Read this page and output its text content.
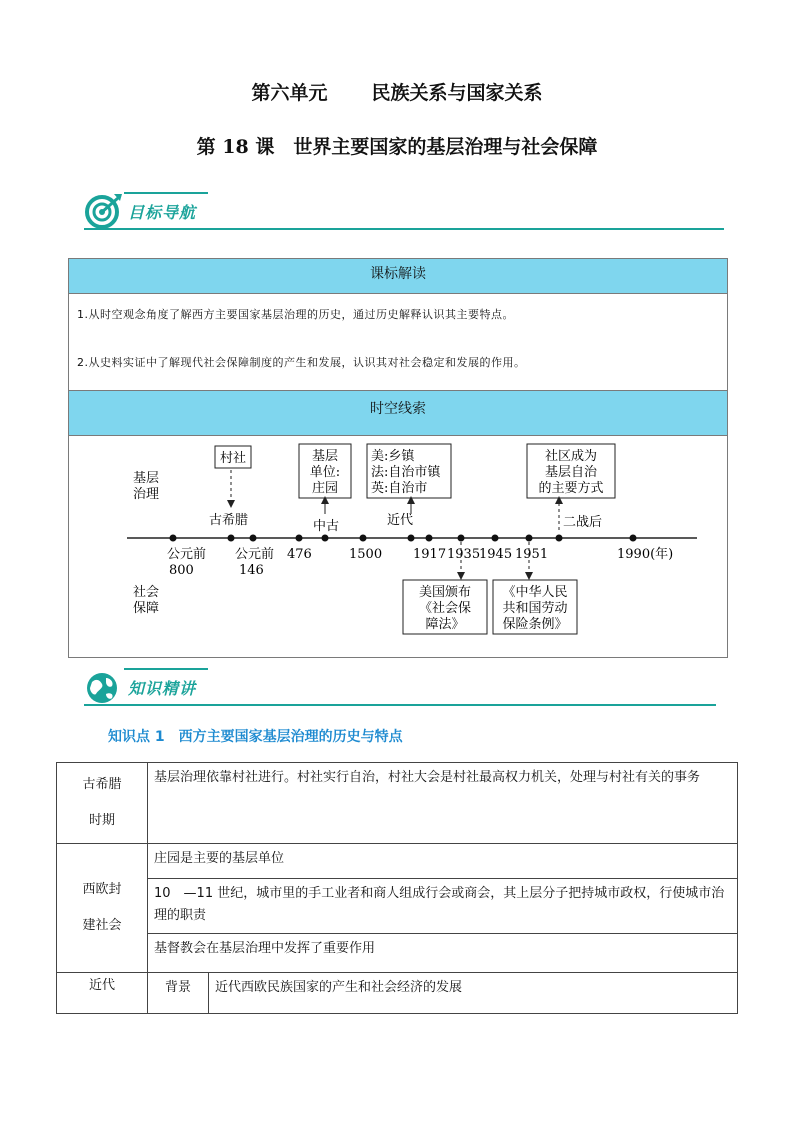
第六单元 民族关系与国家关系
第 18 课　世界主要国家的基层治理与社会保障
目标导航
课标解读
1.从时空观念角度了解西方主要国家基层治理的历史，通过历史解释认识其主要特点。
2.从史料实证中了解现代社会保障制度的产生和发展，认识其对社会稳定和发展的作用。
时空线索
基层
治理
社会
保障
公元前
800
公元前
146
476	1500 1917 1935
1945 1951	1990(年)
古希腊	中古	近代	二战后
村社	基层
单位:
庄园
美:乡镇
法:自治市镇
英:自治市
社区成为
基层自治
的主要方式
美国颁布
《社会保
障法》
《中华人民
共和国劳动
保险条例》
知识精讲
知识点 1　西方主要国家基层治理的历史与特点
古希腊
时期	基层治理依靠村社进行。村社实行自治，村社大会是村社最高权力机关，处理与村社有关的事务	

西欧封
建社会	庄园是主要的基层单位	
	10　—11 世纪，城市里的手工业者和商人组成行会或商会，其上层分子把持城市政权，行使城市治理的职责	
	基督教会在基层治理中发挥了重要作用	
近代	背景	近代西欧民族国家的产生和社会经济的发展
